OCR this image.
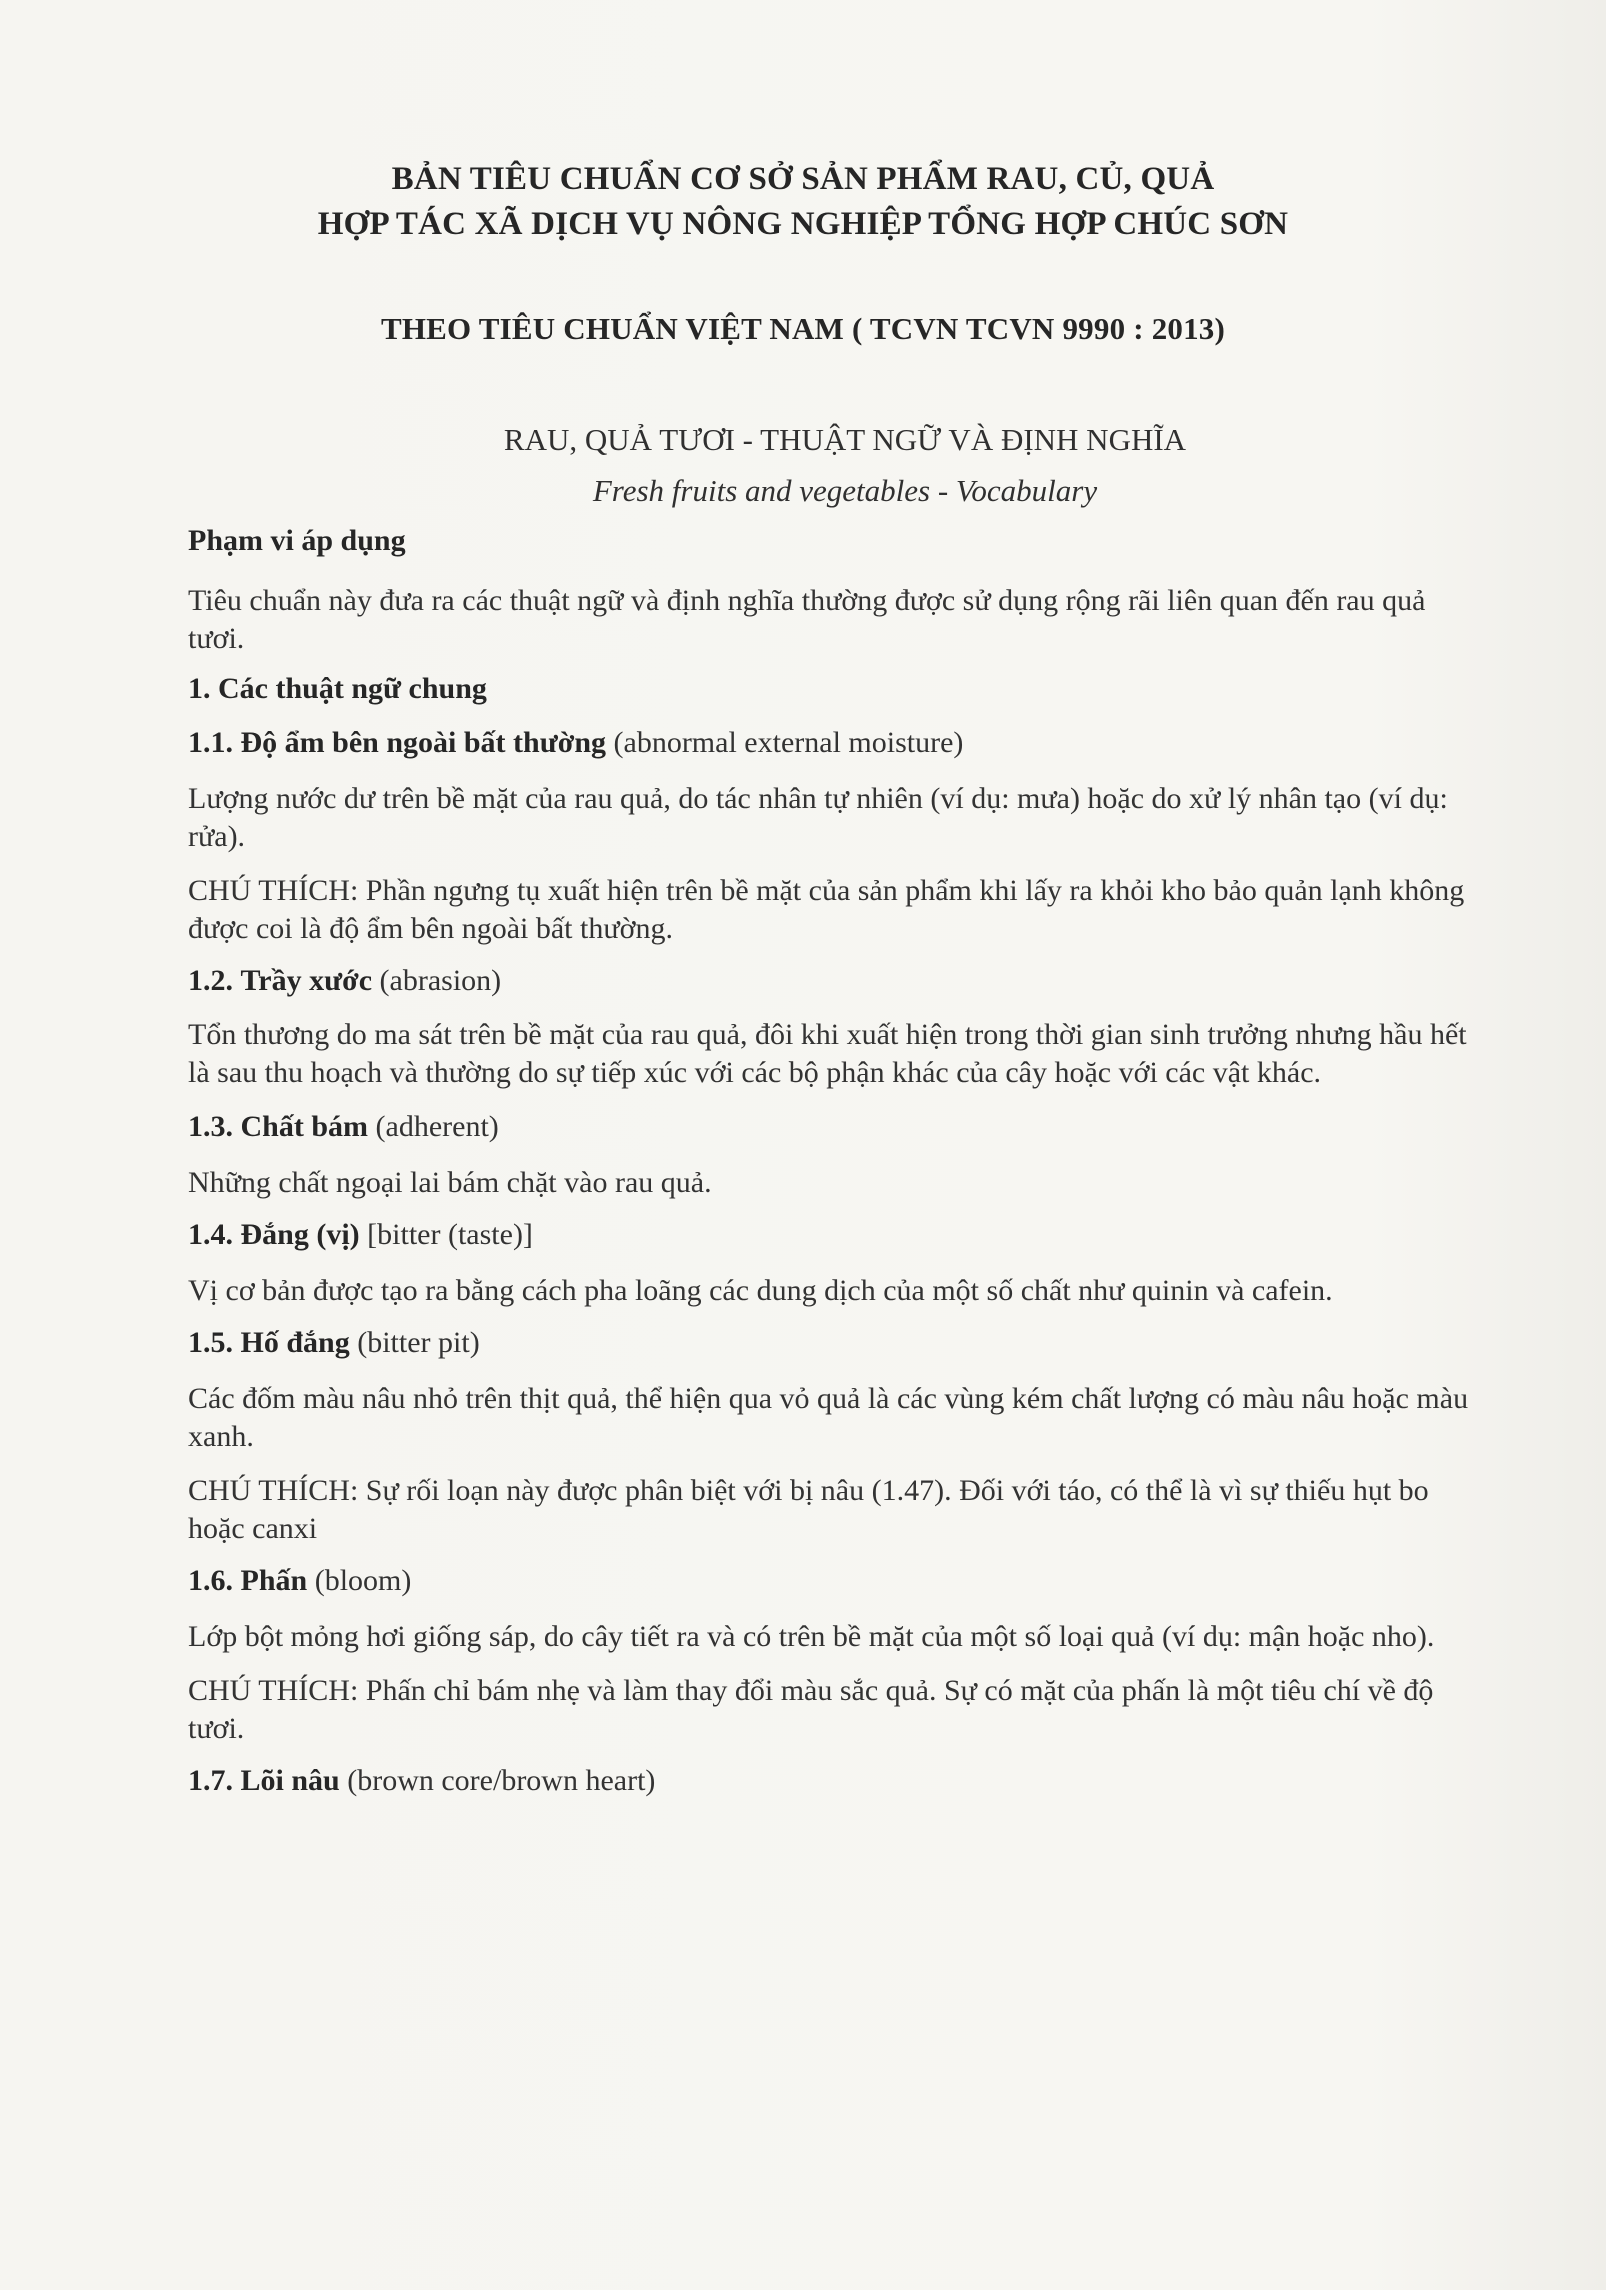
BẢN TIÊU CHUẨN CƠ SỞ SẢN PHẨM RAU, CỦ, QUẢ
HỢP TÁC XÃ DỊCH VỤ NÔNG NGHIỆP TỔNG HỢP CHÚC SƠN
THEO TIÊU CHUẨN VIỆT NAM ( TCVN TCVN 9990 : 2013)
RAU, QUẢ TƯƠI - THUẬT NGỮ VÀ ĐỊNH NGHĨA
Fresh fruits and vegetables - Vocabulary

Phạm vi áp dụng

Tiêu chuẩn này đưa ra các thuật ngữ và định nghĩa thường được sử dụng rộng rãi liên quan đến rau quả tươi.

1. Các thuật ngữ chung

1.1. Độ ẩm bên ngoài bất thường (abnormal external moisture)

Lượng nước dư trên bề mặt của rau quả, do tác nhân tự nhiên (ví dụ: mưa) hoặc do xử lý nhân tạo (ví dụ: rửa).

CHÚ THÍCH: Phần ngưng tụ xuất hiện trên bề mặt của sản phẩm khi lấy ra khỏi kho bảo quản lạnh không được coi là độ ẩm bên ngoài bất thường.

1.2. Trầy xước (abrasion)

Tổn thương do ma sát trên bề mặt của rau quả, đôi khi xuất hiện trong thời gian sinh trưởng nhưng hầu hết là sau thu hoạch và thường do sự tiếp xúc với các bộ phận khác của cây hoặc với các vật khác.

1.3. Chất bám (adherent)

Những chất ngoại lai bám chặt vào rau quả.

1.4. Đắng (vị) [bitter (taste)]

Vị cơ bản được tạo ra bằng cách pha loãng các dung dịch của một số chất như quinin và cafein.

1.5. Hố đắng (bitter pit)

Các đốm màu nâu nhỏ trên thịt quả, thể hiện qua vỏ quả là các vùng kém chất lượng có màu nâu hoặc màu xanh.

CHÚ THÍCH: Sự rối loạn này được phân biệt với bị nâu (1.47). Đối với táo, có thể là vì sự thiếu hụt bo hoặc canxi

1.6. Phấn (bloom)

Lớp bột mỏng hơi giống sáp, do cây tiết ra và có trên bề mặt của một số loại quả (ví dụ: mận hoặc nho).

CHÚ THÍCH: Phấn chỉ bám nhẹ và làm thay đổi màu sắc quả. Sự có mặt của phấn là một tiêu chí về độ tươi.

1.7. Lõi nâu (brown core/brown heart)
